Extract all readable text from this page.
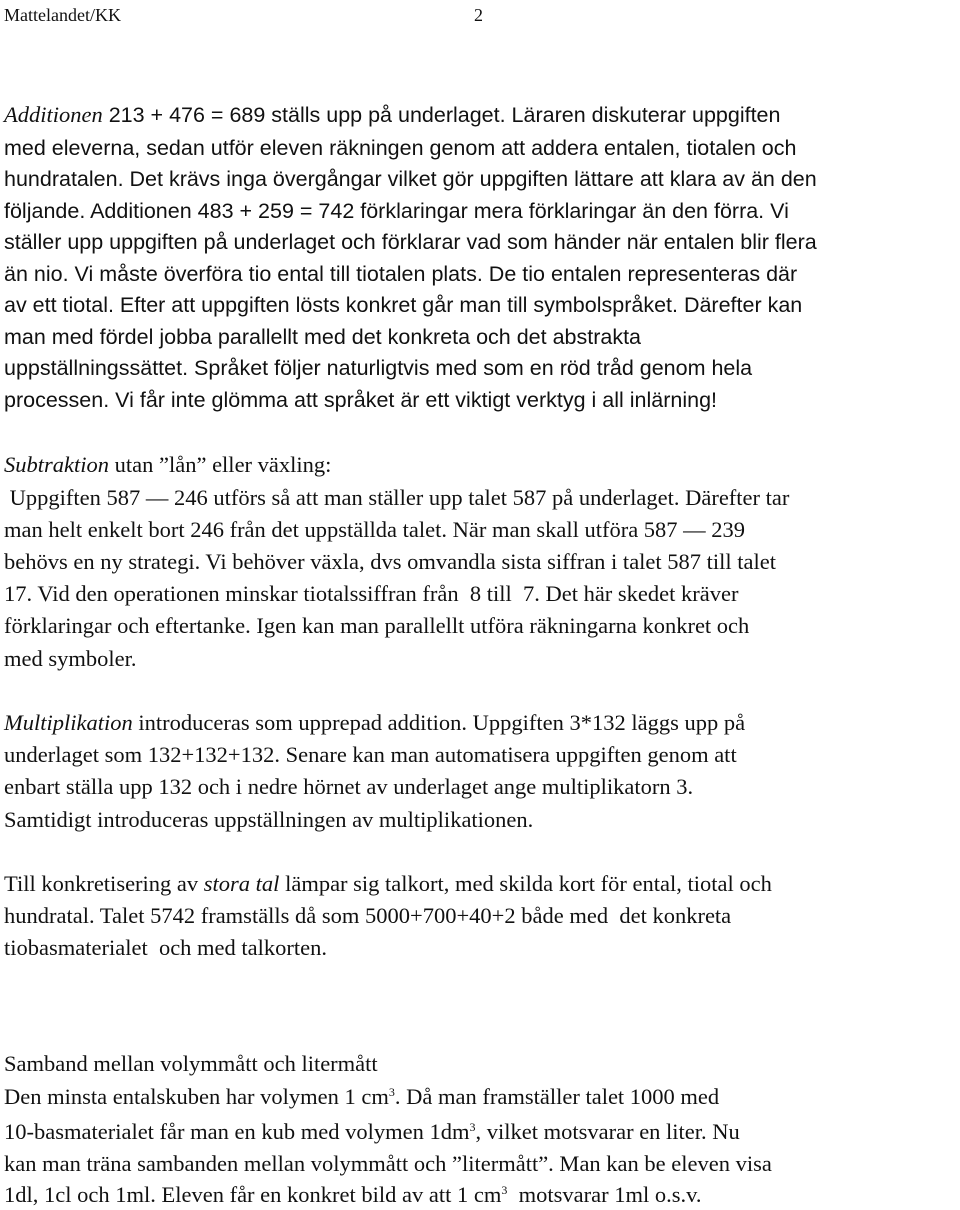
Mattelandet/KK	2
Additionen 213 + 476 = 689 ställs upp på underlaget. Läraren diskuterar uppgiften
med eleverna, sedan utför eleven räkningen genom att addera entalen, tiotalen och
hundratalen. Det krävs inga övergångar vilket gör uppgiften lättare att klara av än den
följande. Additionen 483 + 259 = 742 förklaringar mera förklaringar än den förra. Vi
ställer upp uppgiften på underlaget och förklarar vad som händer när entalen blir flera
än nio. Vi måste överföra tio ental till tiotalen plats. De tio entalen representeras där
av ett tiotal. Efter att uppgiften lösts konkret går man till symbolspråket. Därefter kan
man med fördel jobba parallellt med det konkreta och det abstrakta
uppställningssättet. Språket följer naturligtvis med som en röd tråd genom hela
processen. Vi får inte glömma att språket är ett viktigt verktyg i all inlärning!
Subtraktion utan ”lån” eller växling:
Uppgiften 587 — 246 utförs så att man ställer upp talet 587 på underlaget. Därefter tar
man helt enkelt bort 246 från det uppställda talet. När man skall utföra 587 — 239
behövs en ny strategi. Vi behöver växla, dvs omvandla sista siffran i talet 587 till talet
17. Vid den operationen minskar tiotalssiffran från  8 till  7. Det här skedet kräver
förklaringar och eftertanke. Igen kan man parallellt utföra räkningarna konkret och
med symboler.
Multiplikation introduceras som upprepad addition. Uppgiften 3*132 läggs upp på
underlaget som 132+132+132. Senare kan man automatisera uppgiften genom att
enbart ställa upp 132 och i nedre hörnet av underlaget ange multiplikatorn 3.
Samtidigt introduceras uppställningen av multiplikationen.
Till konkretisering av stora tal lämpar sig talkort, med skilda kort för ental, tiotal och
hundratal. Talet 5742 framställs då som 5000+700+40+2 både med  det konkreta
tiobasmaterialet  och med talkorten.
Samband mellan volymmått och litermått
Den minsta entalskuben har volymen 1 $cm^3$. Då man framställer talet 1000 med
10-basmaterialet får man en kub med volymen $1dm^3$, vilket motsvarar en liter. Nu
kan man träna sambanden mellan volymmått och ”litermått”. Man kan be eleven visa
1dl, 1cl och 1ml. Eleven får en konkret bild av att 1 $cm^3$  motsvarar 1ml o.s.v.
